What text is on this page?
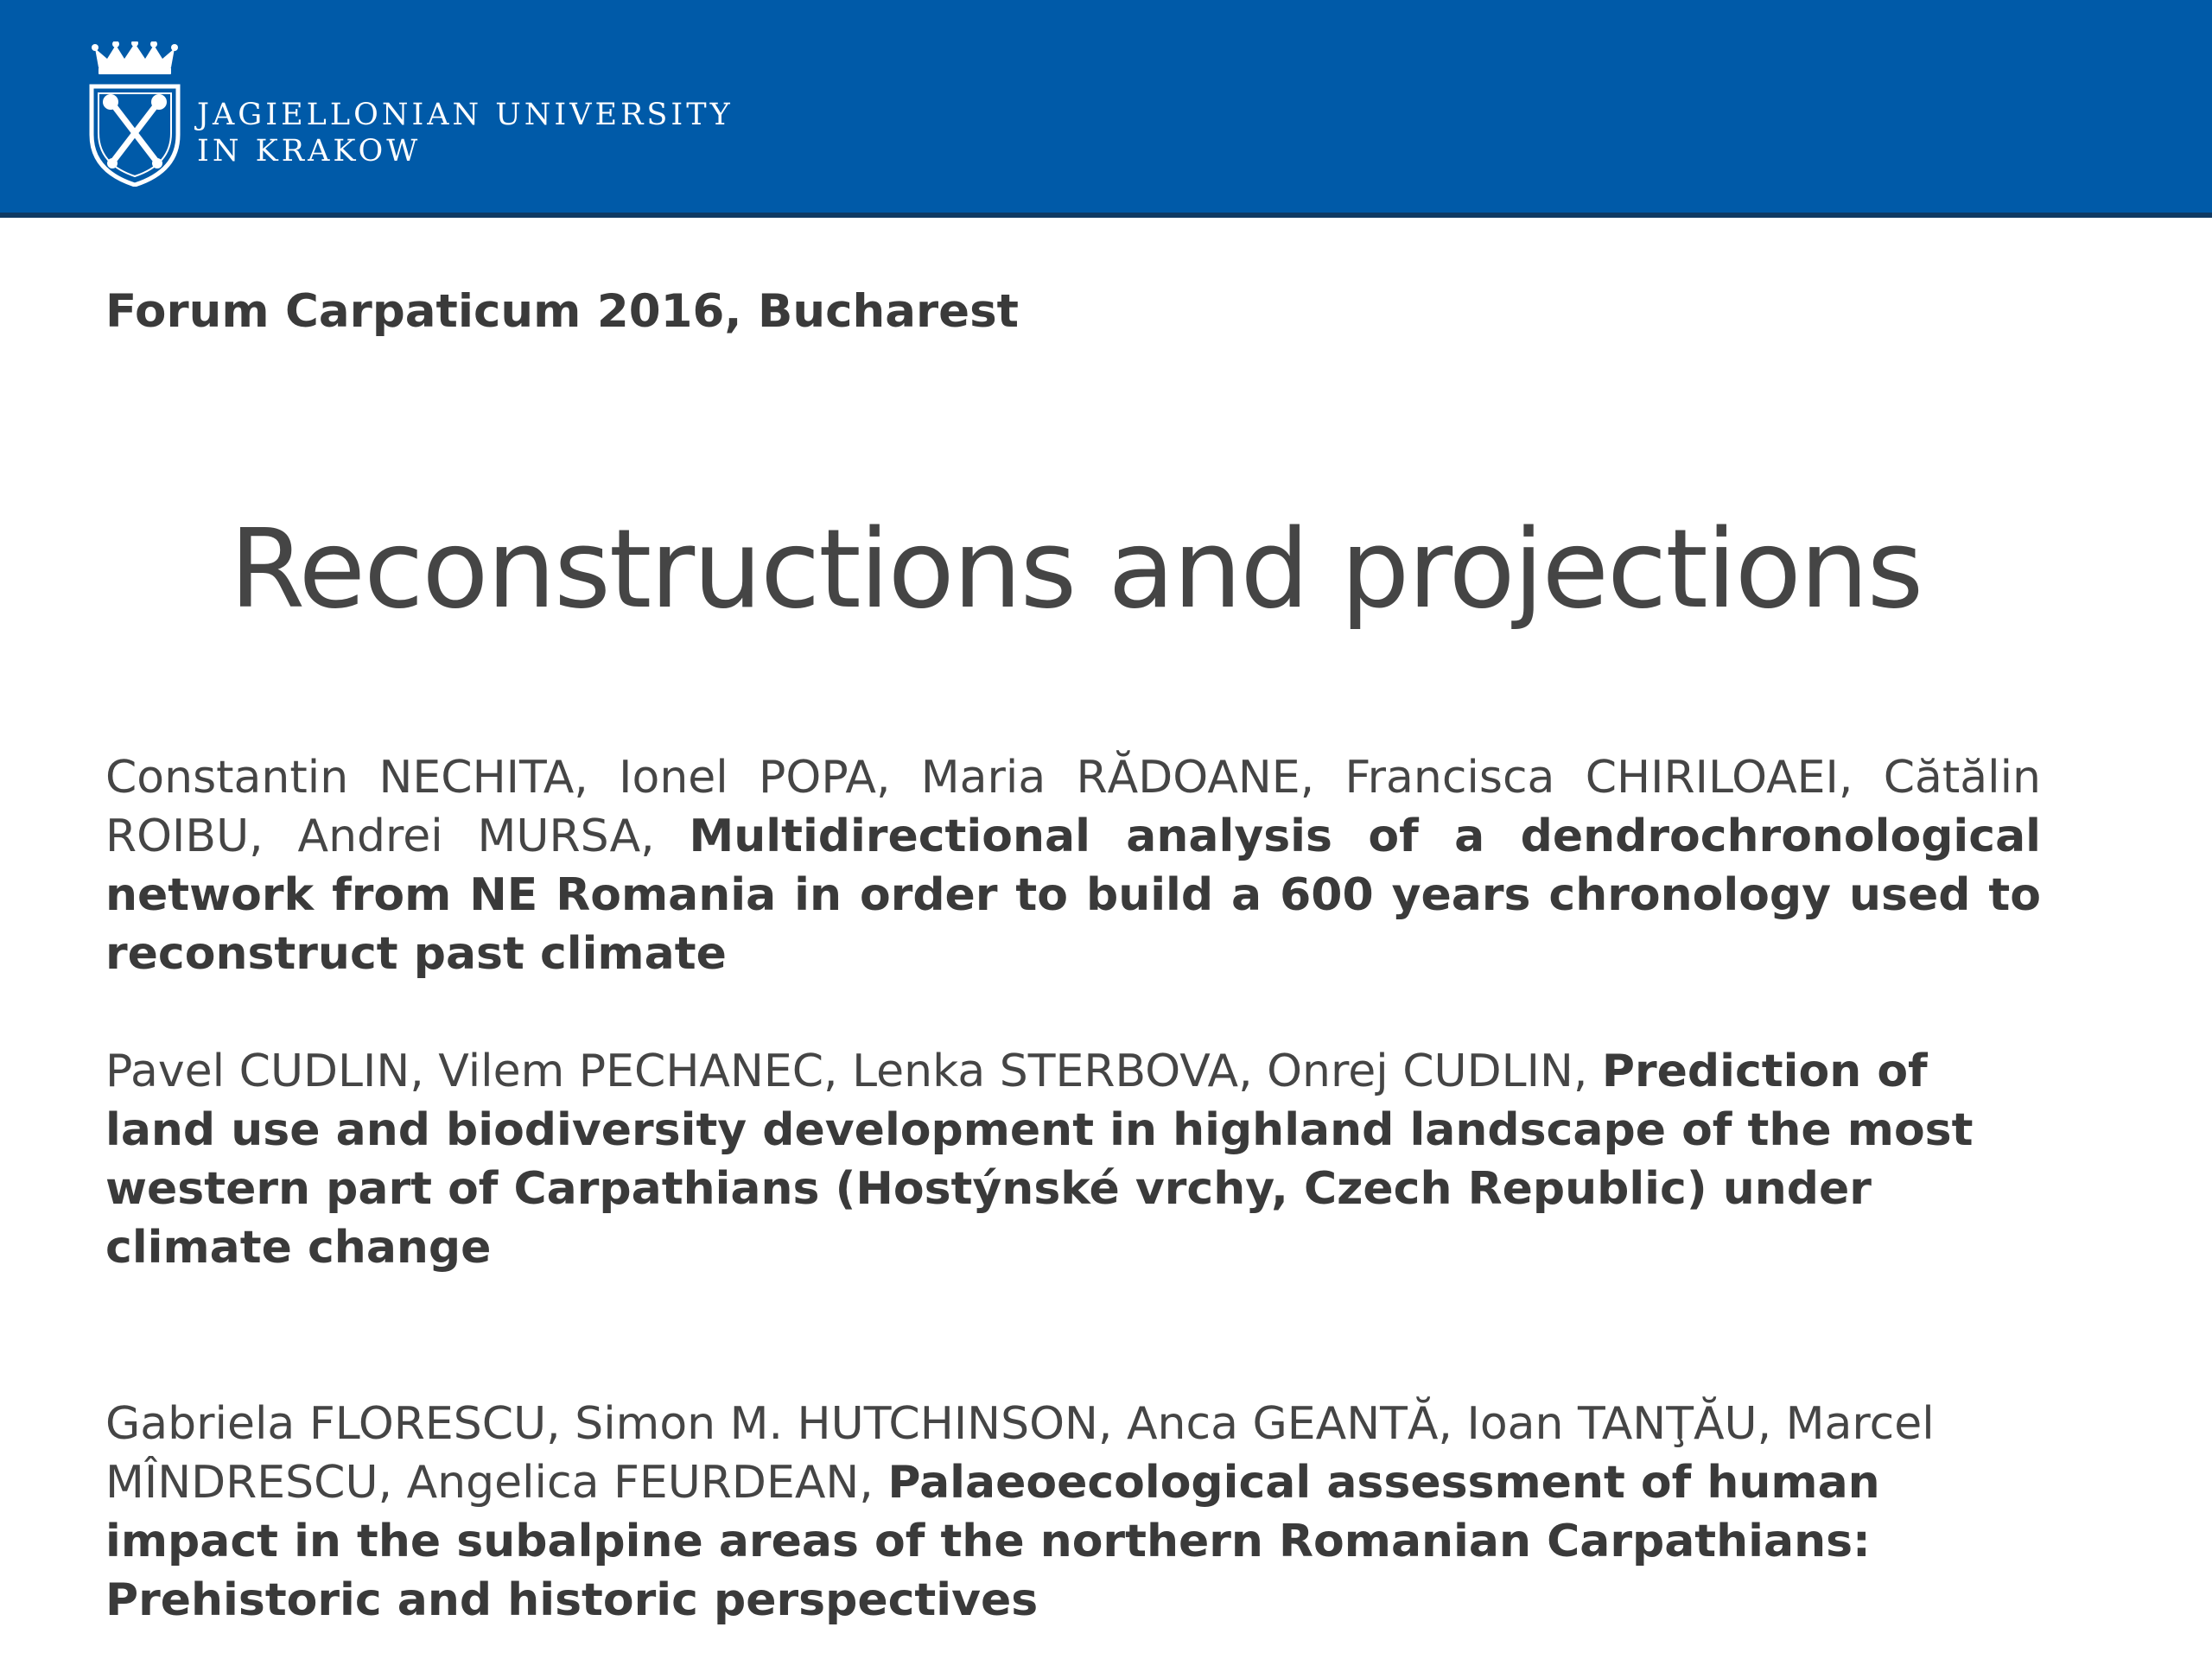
JAGIELLONIAN UNIVERSITY
IN KRAKOW
Forum Carpaticum 2016, Bucharest
Reconstructions and projections

Constantin NECHITA, Ionel POPA, Maria RĂDOANE, Francisca CHIRILOAEI, Cătălin ROIBU, Andrei MURSA, Multidirectional analysis of a dendrochronological network from NE Romania in order to build a 600 years chronology used to reconstruct past climate

Pavel CUDLIN, Vilem PECHANEC, Lenka STERBOVA, Onrej CUDLIN, Prediction of land use and biodiversity development in highland landscape of the most western part of Carpathians (Hostýnské vrchy, Czech Republic) under climate change

Gabriela FLORESCU, Simon M. HUTCHINSON, Anca GEANTĂ, Ioan TANŢĂU, Marcel MÎNDRESCU, Angelica FEURDEAN, Palaeoecological assessment of human impact in the subalpine areas of the northern Romanian Carpathians: Prehistoric and historic perspectives
